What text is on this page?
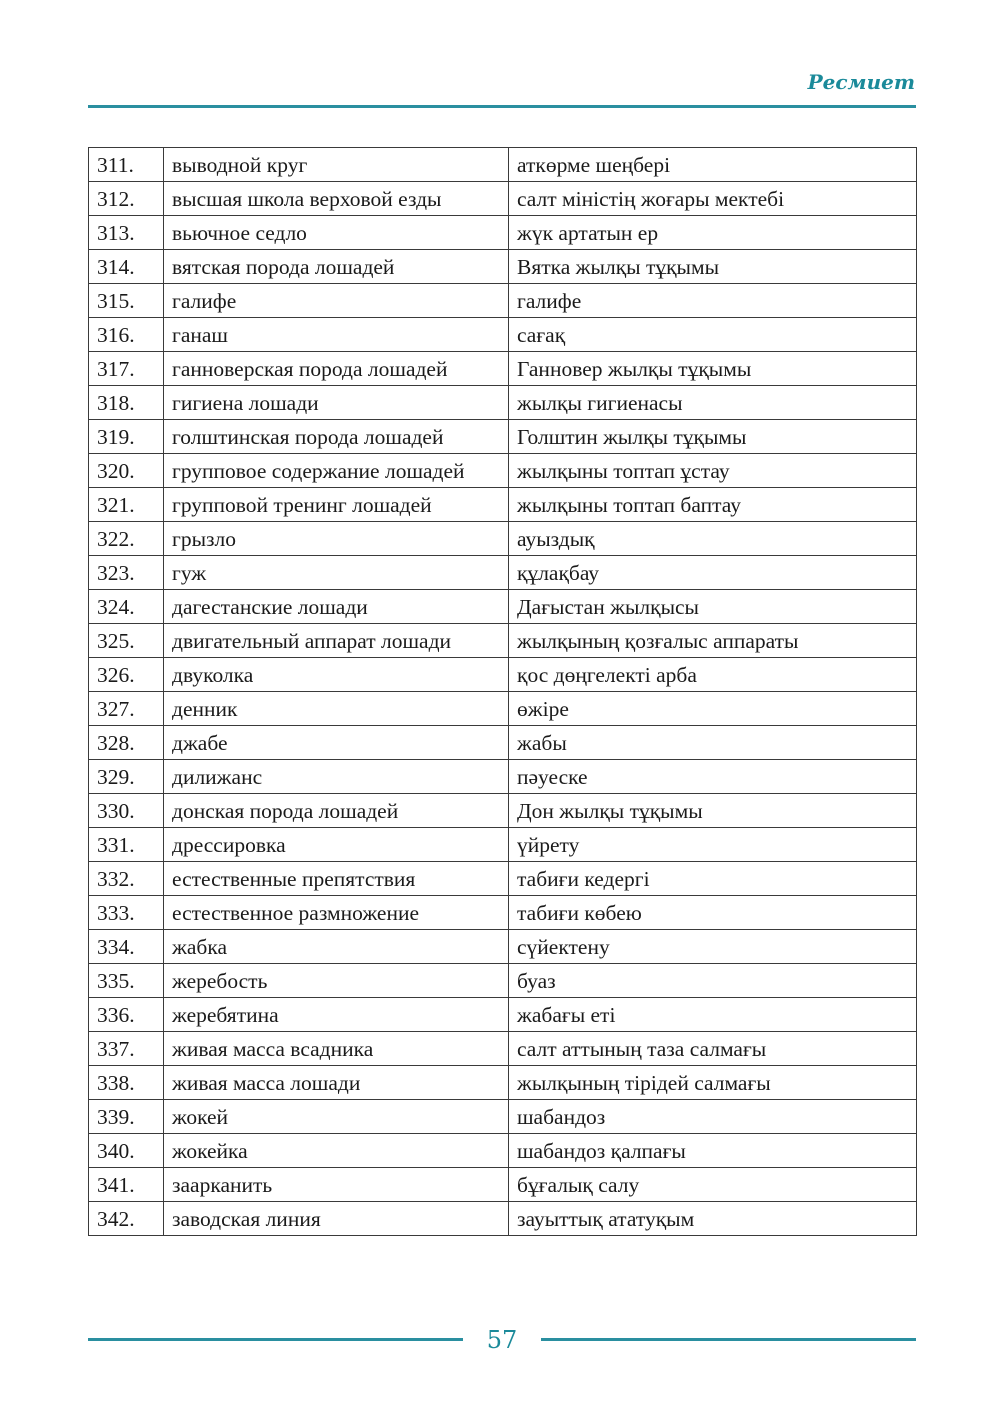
Ресмиет
311.	выводной круг	аткөрме шеңбері
312.	высшая школа верховой езды	салт міністің жоғары мектебі
313.	вьючное седло	жүк артатын ер
314.	вятская порода лошадей	Вятка жылқы тұқымы
315.	галифе	галифе
316.	ганаш	сағақ
317.	ганноверская порода лошадей	Ганновер жылқы тұқымы
318.	гигиена лошади	жылқы гигиенасы
319.	голштинская порода лошадей	Голштин жылқы тұқымы
320.	групповое содержание лошадей	жылқыны топтап ұстау
321.	групповой тренинг лошадей	жылқыны топтап баптау
322.	грызло	ауыздық
323.	гуж	құлақбау
324.	дагестанские лошади	Дағыстан жылқысы
325.	двигательный аппарат лошади	жылқының қозғалыс аппараты
326.	двуколка	қос дөңгелекті арба
327.	денник	өжіре
328.	джабе	жабы
329.	дилижанс	пәуеске
330.	донская порода лошадей	Дон жылқы тұқымы
331.	дрессировка	үйрету
332.	естественные препятствия	табиғи кедергі
333.	естественное размножение	табиғи көбею
334.	жабка	сүйектену
335.	жеребость	буаз
336.	жеребятина	жабағы еті
337.	живая масса всадника	салт аттының таза салмағы
338.	живая масса лошади	жылқының тірідей салмағы
339.	жокей	шабандоз
340.	жокейка	шабандоз қалпағы
341.	заарканить	бұғалық салу
342.	заводская линия	зауыттық ататуқым
57
